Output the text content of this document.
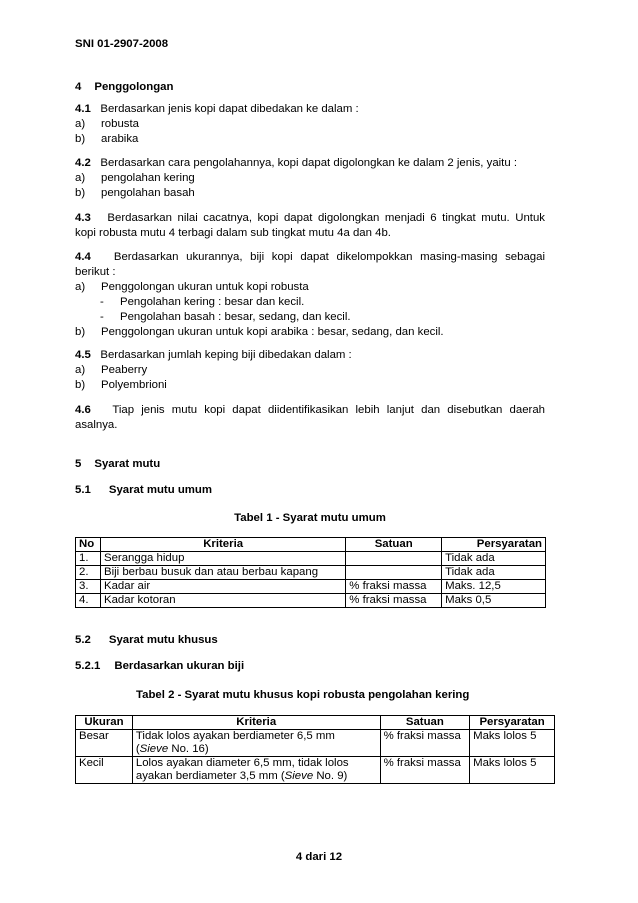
SNI 01-2907-2008
4 Penggolongan
4.1 Berdasarkan jenis kopi dapat dibedakan ke dalam :
a) robusta
b) arabika
4.2 Berdasarkan cara pengolahannya, kopi dapat digolongkan ke dalam 2 jenis, yaitu :
a) pengolahan kering
b) pengolahan basah
4.3 Berdasarkan nilai cacatnya, kopi dapat digolongkan menjadi 6 tingkat mutu. Untuk
kopi robusta mutu 4 terbagi dalam sub tingkat mutu 4a dan 4b.
4.4 Berdasarkan ukurannya, biji kopi dapat dikelompokkan masing-masing sebagai
berikut :
a) Penggolongan ukuran untuk kopi robusta
- Pengolahan kering : besar dan kecil.
- Pengolahan basah : besar, sedang, dan kecil.
b) Penggolongan ukuran untuk kopi arabika : besar, sedang, dan kecil.
4.5 Berdasarkan jumlah keping biji dibedakan dalam :
a) Peaberry
b) Polyembrioni
4.6 Tiap jenis mutu kopi dapat diidentifikasikan lebih lanjut dan disebutkan daerah
asalnya.
5 Syarat mutu
5.1 Syarat mutu umum
Tabel 1 - Syarat mutu umum
No	Kriteria	Satuan	Persyaratan
1.	Serangga hidup		Tidak ada
2.	Biji berbau busuk dan atau berbau kapang		Tidak ada
3.	Kadar air	% fraksi massa	Maks. 12,5
4.	Kadar kotoran	% fraksi massa	Maks 0,5
5.2 Syarat mutu khusus
5.2.1 Berdasarkan ukuran biji
Tabel 2 - Syarat mutu khusus kopi robusta pengolahan kering
Ukuran	Kriteria	Satuan	Persyaratan
Besar	Tidak lolos ayakan berdiameter 6,5 mm
(Sieve No. 16)	% fraksi massa	Maks lolos 5
Kecil	Lolos ayakan diameter 6,5 mm, tidak lolos
ayakan berdiameter 3,5 mm (Sieve No. 9)	% fraksi massa	Maks lolos 5
4 dari 12
